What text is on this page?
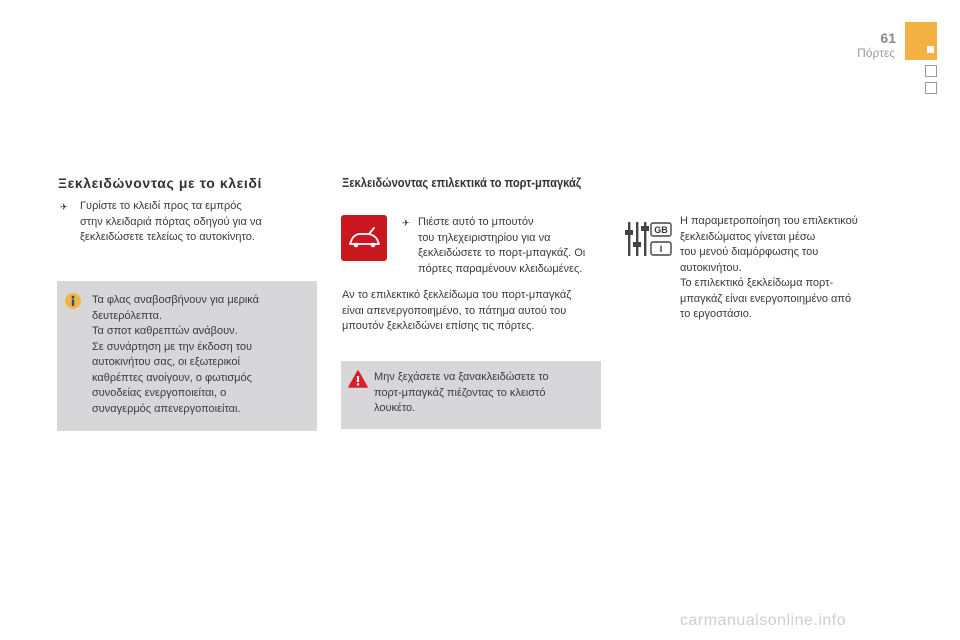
61
Πόρτες
Ξεκλειδώνοντας με το κλειδί
✈ Γυρίστε το κλειδί προς τα εμπρός
στην κλειδαριά πόρτας οδηγού για να
ξεκλειδώσετε τελείως το αυτοκίνητο.

Τα φλας αναβοσβήνουν για μερικά
δευτερόλεπτα.
Τα σποτ καθρεπτών ανάβουν.
Σε συνάρτηση με την έκδοση του
αυτοκινήτου σας, οι εξωτερικοί
καθρέπτες ανοίγουν, ο φωτισμός
συνοδείας ενεργοποιείται, ο
συναγερμός απενεργοποιείται.

Ξεκλειδώνοντας επιλεκτικά το πορτ-μπαγκάζ
✈ Πιέστε αυτό το μπουτόν
του τηλεχειριστηρίου για να
ξεκλειδώσετε το πορτ-μπαγκάζ. Οι
πόρτες παραμένουν κλειδωμένες.

Αν το επιλεκτικό ξεκλείδωμα του πορτ-μπαγκάζ
είναι απενεργοποιημένο, το πάτημα αυτού του
μπουτόν ξεκλειδώνει επίσης τις πόρτες.

Μην ξεχάσετε να ξανακλειδώσετε το
πορτ-μπαγκάζ πιέζοντας το κλειστό
λουκέτο.

GB
I

Η παραμετροποίηση του επιλεκτικού
ξεκλειδώματος γίνεται μέσω
του μενού διαμόρφωσης του
αυτοκινήτου.
Το επιλεκτικό ξεκλείδωμα πορτ-
μπαγκάζ είναι ενεργοποιημένο από
το εργοστάσιο.

carmanualsonline.info
